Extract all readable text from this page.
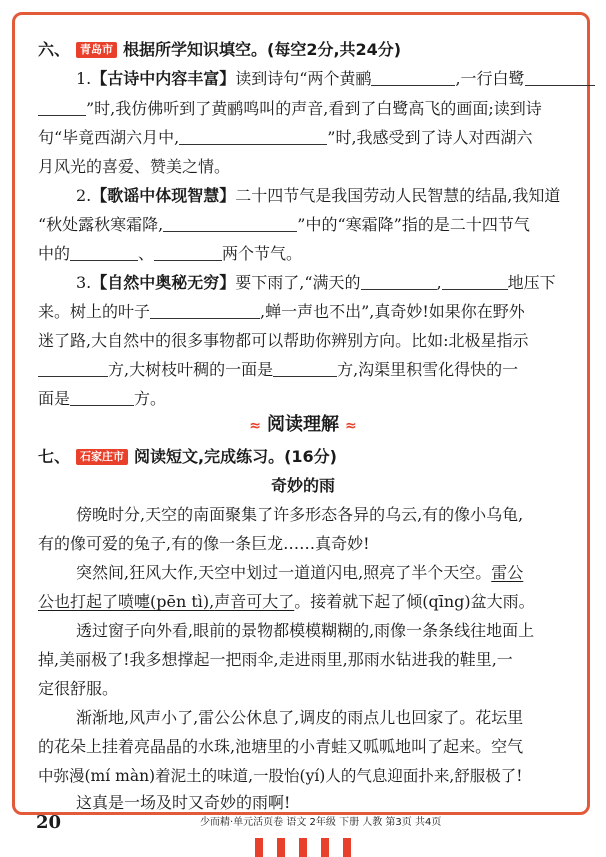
六、 青岛市 根据所学知识填空。(每空2分,共24分)
1.【古诗中内容丰富】读到诗句“两个黄鹂	,一行白鹭
”时,我仿佛听到了黄鹂鸣叫的声音,看到了白鹭高飞的画面;读到诗
句“毕竟西湖六月中,	”时,我感受到了诗人对西湖六
月风光的喜爱、赞美之情。
2.【歌谣中体现智慧】二十四节气是我国劳动人民智慧的结晶,我知道
“秋处露秋寒霜降,	”中的“寒霜降”指的是二十四节气
中的	、	两个节气。
3.【自然中奥秘无穷】要下雨了,“满天的	,	地压下
来。树上的叶子	,蝉一声也不出”,真奇妙!如果你在野外
迷了路,大自然中的很多事物都可以帮助你辨别方向。比如:北极星指示
方,大树枝叶稠的一面是	方,沟渠里积雪化得快的一
面是	方。
≈ 阅读理解 ≈
七、 石家庄市 阅读短文,完成练习。(16分)
奇妙的雨
傍晚时分,天空的南面聚集了许多形态各异的乌云,有的像小乌龟,
有的像可爱的兔子,有的像一条巨龙……真奇妙!
突然间,狂风大作,天空中划过一道道闪电,照亮了半个天空。雷公
公也打起了喷嚏(pēn tì),声音可大了。接着就下起了倾(qīng)盆大雨。
透过窗子向外看,眼前的景物都模模糊糊的,雨像一条条线往地面上
掉,美丽极了!我多想撑起一把雨伞,走进雨里,那雨水钻进我的鞋里,一
定很舒服。
渐渐地,风声小了,雷公公休息了,调皮的雨点儿也回家了。花坛里
的花朵上挂着亮晶晶的水珠,池塘里的小青蛙又呱呱地叫了起来。空气
中弥漫(mí màn)着泥土的味道,一股怡(yí)人的气息迎面扑来,舒服极了!
这真是一场及时又奇妙的雨啊!
20	少而精·单元活页卷 语文 2年级 下册 人教 第3页 共4页
